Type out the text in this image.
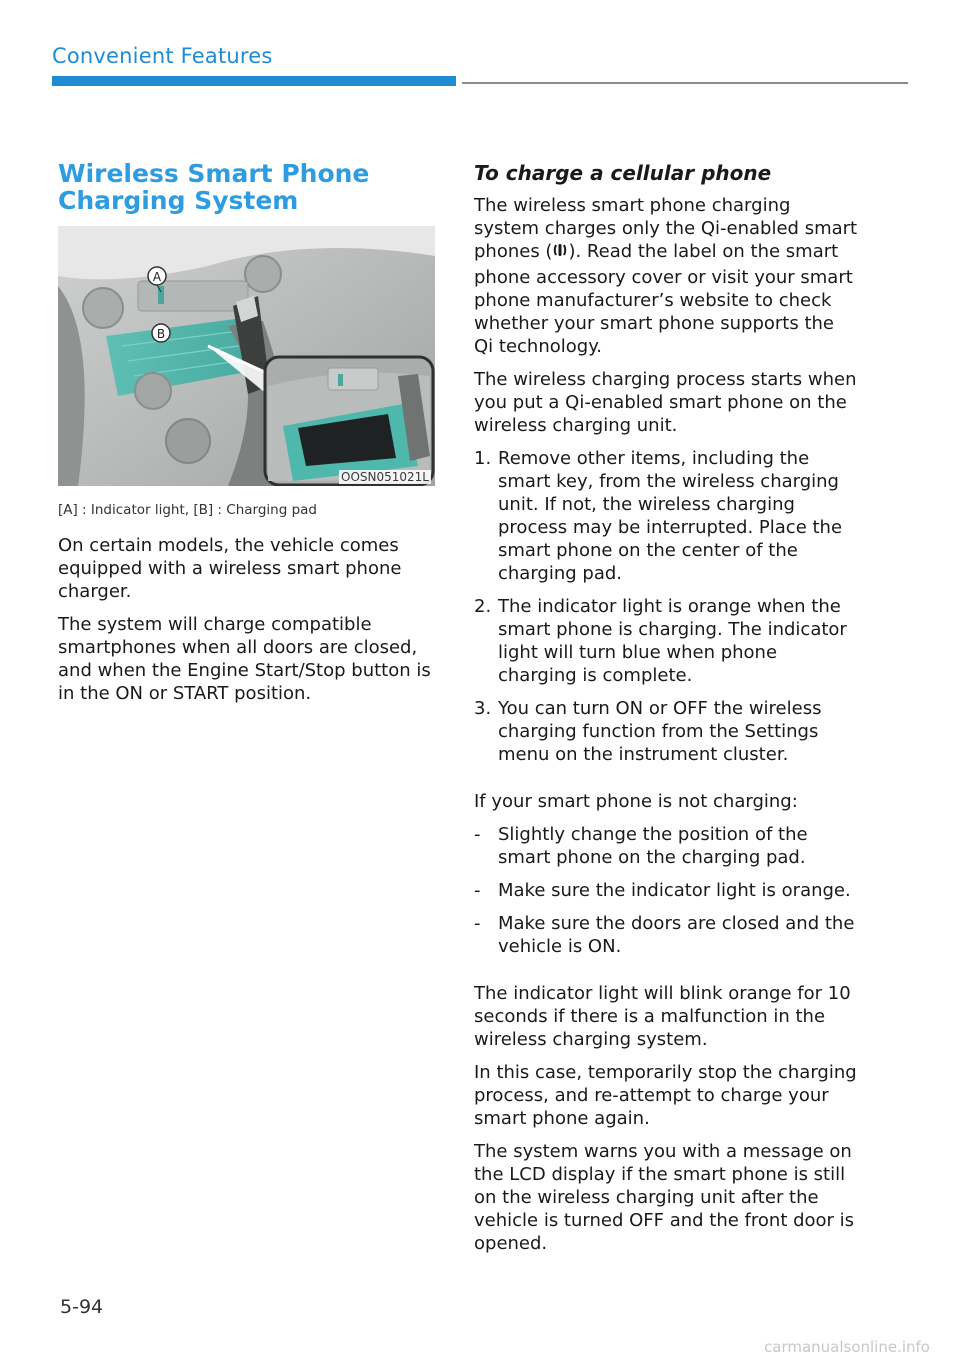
Convenient Features
Wireless Smart Phone Charging System
A
B
OOSN051021L
[A] : Indicator light, [B] : Charging pad

On certain models, the vehicle comes equipped with a wireless smart phone charger.

The system will charge compatible smartphones when all doors are closed, and when the Engine Start/Stop button is in the ON or START position.

To charge a cellular phone

The wireless smart phone charging system charges only the Qi-enabled smart phones ( ). Read the label on the smart phone accessory cover or visit your smart phone manufacturer’s website to check whether your smart phone supports the Qi technology.

The wireless charging process starts when you put a Qi-enabled smart phone on the wireless charging unit.

1. Remove other items, including the smart key, from the wireless charging unit. If not, the wireless charging process may be interrupted. Place the smart phone on the center of the charging pad.
2. The indicator light is orange when the smart phone is charging. The indicator light will turn blue when phone charging is complete.
3. You can turn ON or OFF the wireless charging function from the Settings menu on the instrument cluster.

If your smart phone is not charging:

- Slightly change the position of the smart phone on the charging pad.
- Make sure the indicator light is orange.
- Make sure the doors are closed and the vehicle is ON.

The indicator light will blink orange for 10 seconds if there is a malfunction in the wireless charging system.

In this case, temporarily stop the charging process, and re-attempt to charge your smart phone again.

The system warns you with a message on the LCD display if the smart phone is still on the wireless charging unit after the vehicle is turned OFF and the front door is opened.

5-94
carmanualsonline.info
